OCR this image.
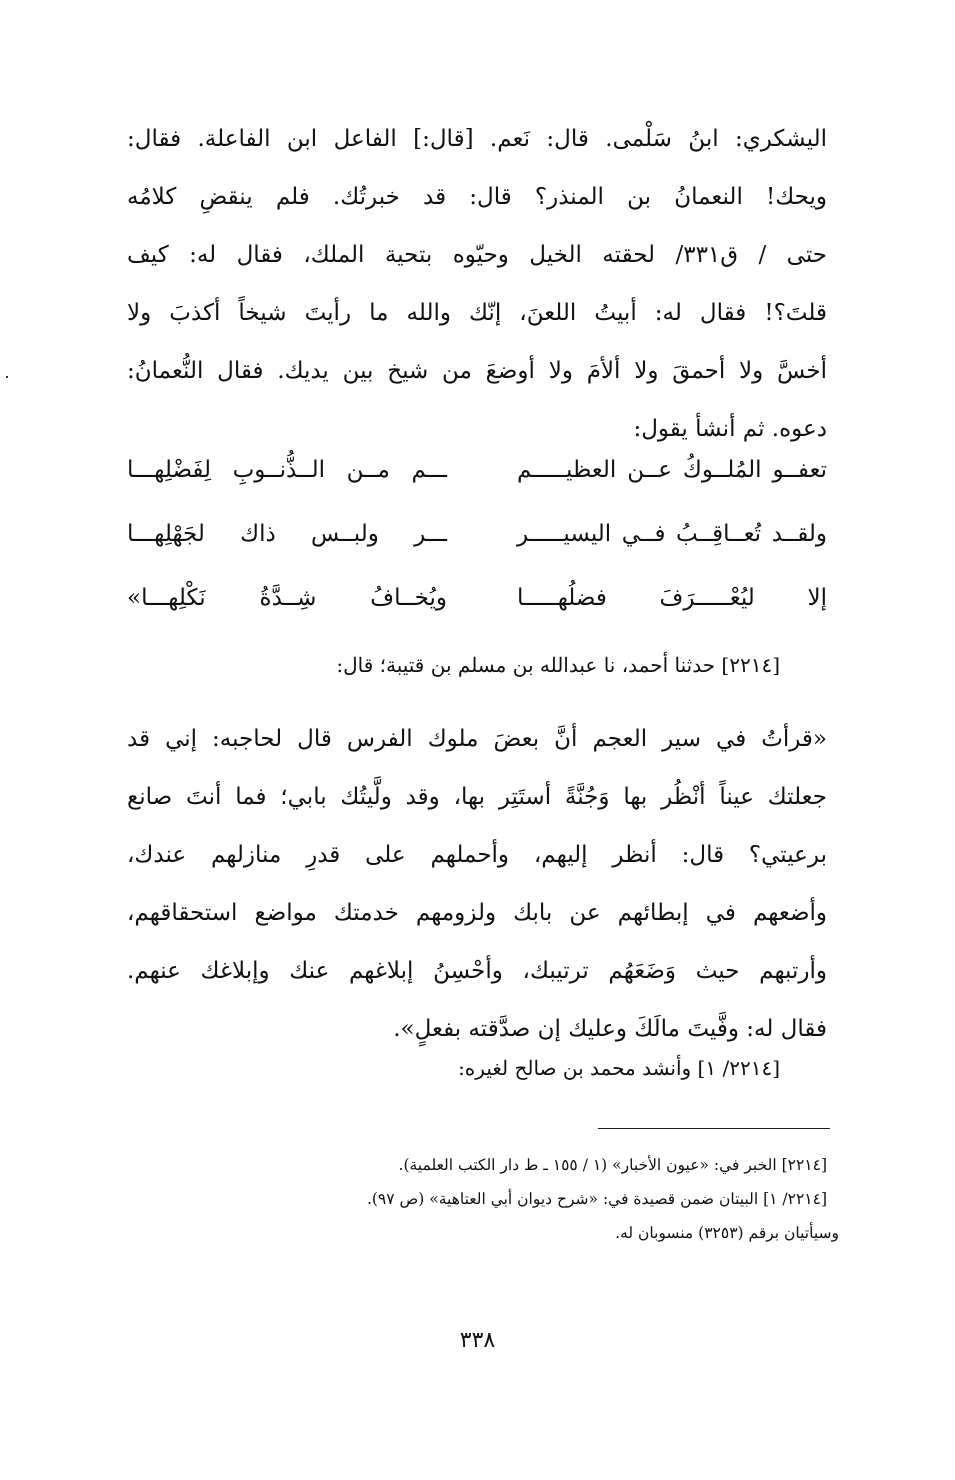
اليشكري: ابنُ سَلْمى. قال: نَعم. [قال:] الفاعل ابن الفاعلة. فقال:
ويحك! النعمانُ بن المنذر؟ قال: قد خبرتُك. فلم ينقضِ كلامُه
حتى / ق٣٣١/ لحقته الخيل وحيّوه بتحية الملك، فقال له: كيف
قلتَ؟! فقال له: أبيتُ اللعنَ، إنّك والله ما رأيتَ شيخاً أكذبَ ولا
أخسَّ ولا أحمقَ ولا ألأمَ ولا أوضعَ من شيخ بين يديك. فقال النُّعمانُ:
دعوه. ثم أنشأ يقول:
تعفــو المُلــوكُ عــن العظيـــــم
ـــم مــن الــذُّنــوبِ لِفَضْلِهـــا
ولقــد تُعــاقِــبُ فــي اليسيـــــر
ـــر ولبــس ذاك لجَهْلِهـــا
إلا ليُعْـــــرَفَ فضلُهـــــا
ويُخــافُ شِــدَّةُ نَكْلِهـــا»
[٢٢١٤] حدثنا أحمد، نا عبدالله بن مسلم بن قتيبة؛ قال:
«قرأتُ في سير العجم أنَّ بعضَ ملوك الفرس قال لحاجبه: إني قد
جعلتك عيناً أنْظُر بها وَجُنَّةً أستَتِر بها، وقد ولَّيتُك بابي؛ فما أنتَ صانع
برعيتي؟ قال: أنظر إليهم، وأحملهم على قدرِ منازلهم عندك،
وأضعهم في إبطائهم عن بابك ولزومهم خدمتك مواضع استحقاقهم،
وأرتبهم حيث وَضَعَهُم ترتيبك، وأحْسِنُ إبلاغهم عنك وإبلاغك عنهم.
فقال له: وفَّيتَ مالَكَ وعليك إن صدَّقته بفعلٍ».
[٢٢١٤/ ١] وأنشد محمد بن صالح لغيره:
[٢٢١٤] الخبر في: «عيون الأخبار» (١ / ١٥٥ ـ ط دار الكتب العلمية).
[٢٢١٤/ ١] البيتان ضمن قصيدة في: «شرح ديوان أبي العتاهية» (ص ٩٧).
وسيأتيان برقم (٣٢٥٣) منسوبان له.
٣٣٨
